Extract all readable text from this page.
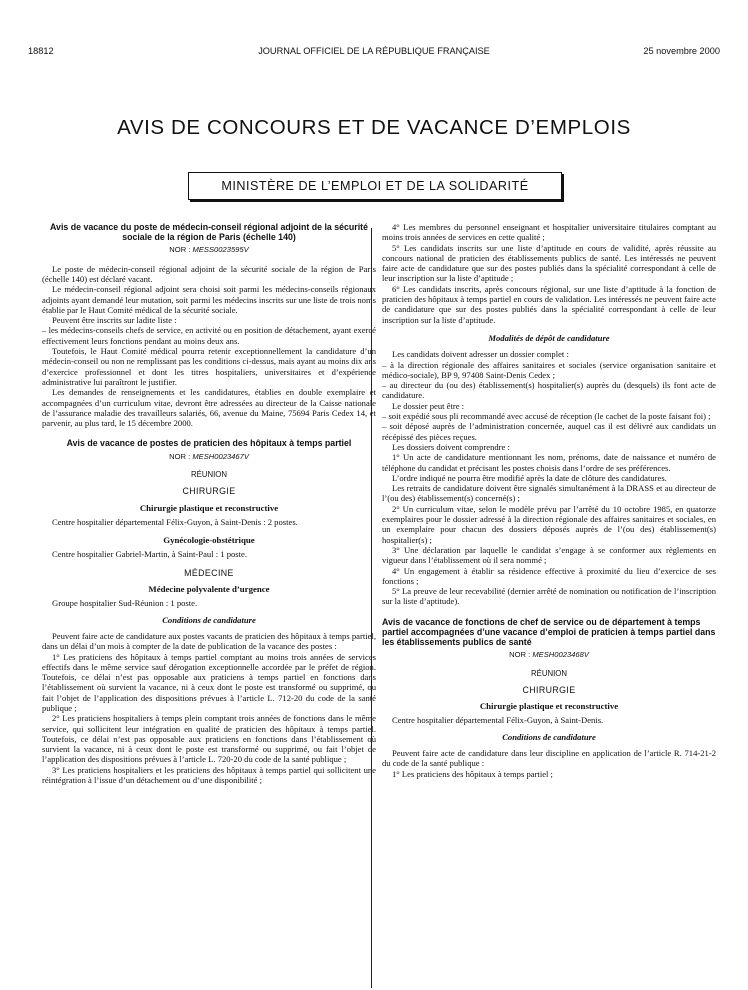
18812	JOURNAL OFFICIEL DE LA RÉPUBLIQUE FRANÇAISE	25 novembre 2000
AVIS DE CONCOURS ET DE VACANCE D’EMPLOIS
MINISTÈRE DE L’EMPLOI ET DE LA SOLIDARITÉ
Avis de vacance du poste de médecin-conseil régional adjoint de la sécurité sociale de la région de Paris (échelle 140)
NOR : MESS0023595V

Le poste de médecin-conseil régional adjoint de la sécurité sociale de la région de Paris (échelle 140) est déclaré vacant.

Le médecin-conseil régional adjoint sera choisi soit parmi les médecins-conseils régionaux adjoints ayant demandé leur mutation, soit parmi les médecins inscrits sur une liste de trois noms établie par le Haut Comité médical de la sécurité sociale.

Peuvent être inscrits sur ladite liste :

– les médecins-conseils chefs de service, en activité ou en position de détachement, ayant exercé effectivement leurs fonctions pendant au moins deux ans.

Toutefois, le Haut Comité médical pourra retenir exceptionnellement la candidature d’un médecin-conseil ou non ne remplissant pas les conditions ci-dessus, mais ayant au moins dix ans d’exercice professionnel et dont les titres hospitaliers, universitaires et d’expérience administrative lui paraîtront le justifier.

Les demandes de renseignements et les candidatures, établies en double exemplaire et accompagnées d’un curriculum vitae, devront être adressées au directeur de la Caisse nationale de l’assurance maladie des travailleurs salariés, 66, avenue du Maine, 75694 Paris Cedex 14, et parvenir, au plus tard, le 15 décembre 2000.

Avis de vacance de postes de praticien des hôpitaux à temps partiel
NOR : MESH0023467V
RÉUNION
CHIRURGIE
Chirurgie plastique et reconstructive

Centre hospitalier départemental Félix-Guyon, à Saint-Denis : 2 postes.

Gynécologie-obstétrique

Centre hospitalier Gabriel-Martin, à Saint-Paul : 1 poste.

MÉDECINE
Médecine polyvalente d’urgence

Groupe hospitalier Sud-Réunion : 1 poste.

Conditions de candidature

Peuvent faire acte de candidature aux postes vacants de praticien des hôpitaux à temps partiel, dans un délai d’un mois à compter de la date de publication de la vacance des postes :

1° Les praticiens des hôpitaux à temps partiel comptant au moins trois années de services effectifs dans le même service sauf dérogation exceptionnelle accordée par le préfet de région. Toutefois, ce délai n’est pas opposable aux praticiens à temps partiel en fonctions dans l’établissement où survient la vacance, ni à ceux dont le poste est transformé ou supprimé, ou fait l’objet de l’application des dispositions prévues à l’article L. 712-20 du code de la santé publique ;

2° Les praticiens hospitaliers à temps plein comptant trois années de fonctions dans le même service, qui sollicitent leur intégration en qualité de praticien des hôpitaux à temps partiel. Toutefois, ce délai n’est pas opposable aux praticiens en fonctions dans l’établissement où survient la vacance, ni à ceux dont le poste est transformé ou supprimé, ou fait l’objet de l’application des dispositions prévues à l’article L. 720-20 du code de la santé publique ;

3° Les praticiens hospitaliers et les praticiens des hôpitaux à temps partiel qui sollicitent une réintégration à l’issue d’un détachement ou d’une disponibilité ;

4° Les membres du personnel enseignant et hospitalier universitaire titulaires comptant au moins trois années de services en cette qualité ;

5° Les candidats inscrits sur une liste d’aptitude en cours de validité, après réussite au concours national de praticien des établissements publics de santé. Les intéressés ne peuvent faire acte de candidature que sur des postes publiés dans la spécialité correspondant à celle de leur inscription sur la liste d’aptitude ;

6° Les candidats inscrits, après concours régional, sur une liste d’aptitude à la fonction de praticien des hôpitaux à temps partiel en cours de validation. Les intéressés ne peuvent faire acte de candidature que sur des postes publiés dans la spécialité correspondant à celle de leur inscription sur la liste d’aptitude.

Modalités de dépôt de candidature

Les candidats doivent adresser un dossier complet :

– à la direction régionale des affaires sanitaires et sociales (service organisation sanitaire et médico-sociale), BP 9, 97408 Saint-Denis Cedex ;

– au directeur du (ou des) établissement(s) hospitalier(s) auprès du (desquels) ils font acte de candidature.

Le dossier peut être :

– soit expédié sous pli recommandé avec accusé de réception (le cachet de la poste faisant foi) ;

– soit déposé auprès de l’administration concernée, auquel cas il est délivré aux candidats un récépissé des pièces reçues.

Les dossiers doivent comprendre :

1° Un acte de candidature mentionnant les nom, prénoms, date de naissance et numéro de téléphone du candidat et précisant les postes choisis dans l’ordre de ses préférences.

L’ordre indiqué ne pourra être modifié après la date de clôture des candidatures.

Les retraits de candidature doivent être signalés simultanément à la DRASS et au directeur de l’(ou des) établissement(s) concerné(s) ;

2° Un curriculum vitae, selon le modèle prévu par l’arrêté du 10 octobre 1985, en quatorze exemplaires pour le dossier adressé à la direction régionale des affaires sanitaires et sociales, en un exemplaire pour chacun des dossiers déposés auprès de l’(ou des) établissement(s) hospitalier(s) ;

3° Une déclaration par laquelle le candidat s’engage à se conformer aux règlements en vigueur dans l’établissement où il sera nommé ;

4° Un engagement à établir sa résidence effective à proximité du lieu d’exercice de ses fonctions ;

5° La preuve de leur recevabilité (dernier arrêté de nomination ou notification de l’inscription sur la liste d’aptitude).

Avis de vacance de fonctions de chef de service ou de département à temps partiel accompagnées d’une vacance d’emploi de praticien à temps partiel dans les établissements publics de santé
NOR : MESH0023468V
RÉUNION
CHIRURGIE
Chirurgie plastique et reconstructive

Centre hospitalier départemental Félix-Guyon, à Saint-Denis.

Conditions de candidature

Peuvent faire acte de candidature dans leur discipline en application de l’article R. 714-21-2 du code de la santé publique :

1° Les praticiens des hôpitaux à temps partiel ;
